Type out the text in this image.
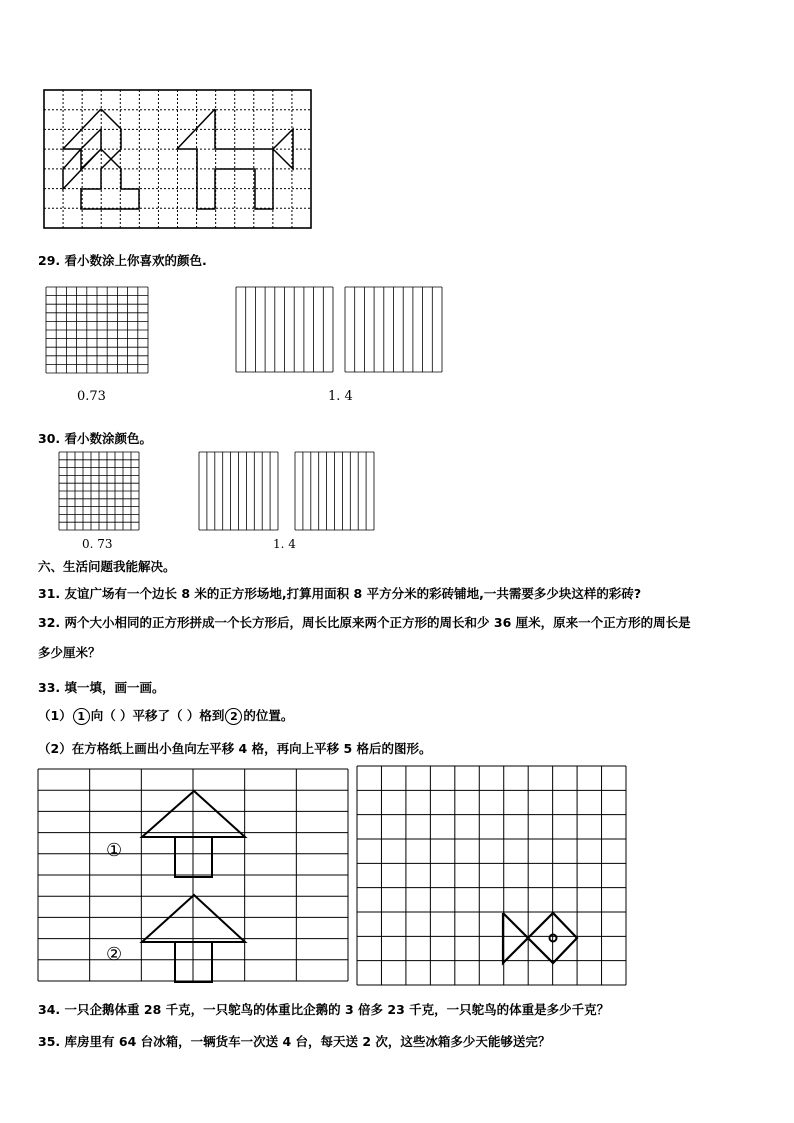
29. 看小数涂上你喜欢的颜色.
0.73	1. 4
30. 看小数涂颜色。
0. 73	1. 4
六、生活问题我能解决。
31. 友谊广场有一个边长 8 米的正方形场地,打算用面积 8 平方分米的彩砖铺地,一共需要多少块这样的彩砖?
32. 两个大小相同的正方形拼成一个长方形后，周长比原来两个正方形的周长和少 36 厘米，原来一个正方形的周长是
多少厘米？
33. 填一填，画一画。
（1） 1 向（ ）平移了（ ）格到 2 的位置。
（2）在方格纸上画出小鱼向左平移 4 格，再向上平移 5 格后的图形。
①
②
34. 一只企鹅体重 28 千克，一只鸵鸟的体重比企鹅的 3 倍多 23 千克，一只鸵鸟的体重是多少千克？
35. 库房里有 64 台冰箱，一辆货车一次送 4 台，每天送 2 次，这些冰箱多少天能够送完？
